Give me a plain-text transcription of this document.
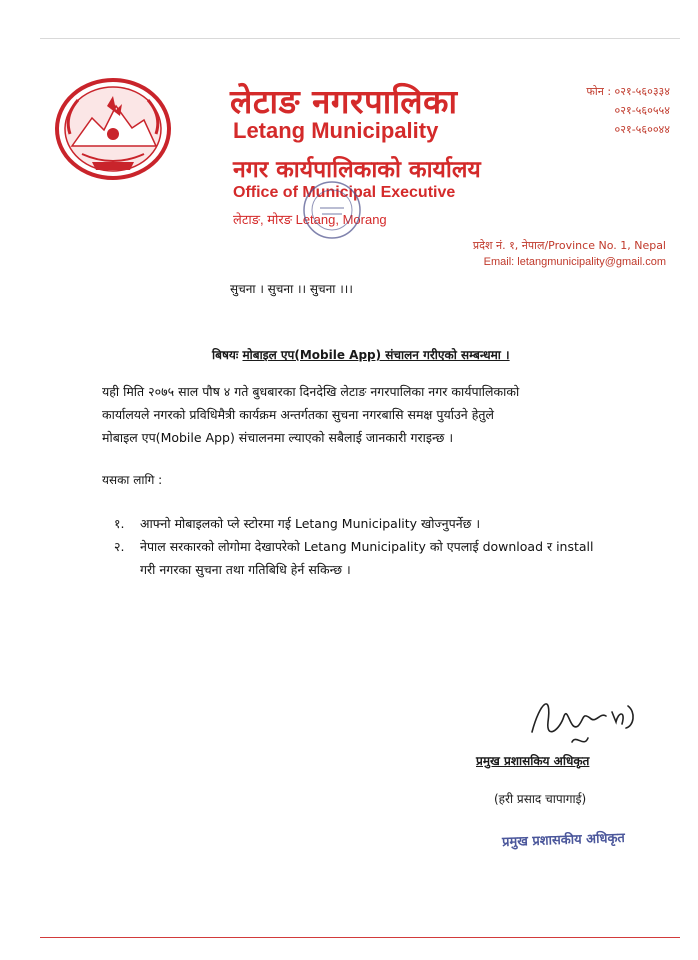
लेटाङ नगरपालिका
Letang Municipality
नगर कार्यपालिकाको कार्यालय
Office of Municipal Executive
लेटाङ, मोरङ Letang, Morang
फोन : ०२१-५६०३३४
०२१-५६०५५४
०२१-५६००४४
प्रदेश नं. १, नेपाल/Province No. 1, Nepal
Email: letangmunicipality@gmail.com
सुचना । सुचना ।। सुचना ।।।
बिषयः मोबाइल एप(Mobile App) संचालन गरीएको सम्बन्धमा ।
यही मिति २०७५ साल पौष ४ गते बुधबारका दिनदेखि लेटाङ नगरपालिका नगर कार्यपालिकाको
कार्यालयले नगरको प्रविधिमैत्री कार्यक्रम अन्तर्गतका सुचना नगरबासि समक्ष पुर्याउने हेतुले
मोबाइल एप(Mobile App) संचालनमा ल्याएको सबैलाई जानकारी गराइन्छ ।
यसका लागि :
१. आफ्नो मोबाइलको प्ले स्टोरमा गई Letang Municipality खोज्नुपर्नेछ ।
२. नेपाल सरकारको लोगोमा देखापरेको Letang Municipality को एपलाई download र install
गरी नगरका सुचना तथा गतिबिधि हेर्न सकिन्छ ।
प्रमुख प्रशासकिय अधिकृत
(हरी प्रसाद चापागाई)
प्रमुख प्रशासकीय अधिकृत
